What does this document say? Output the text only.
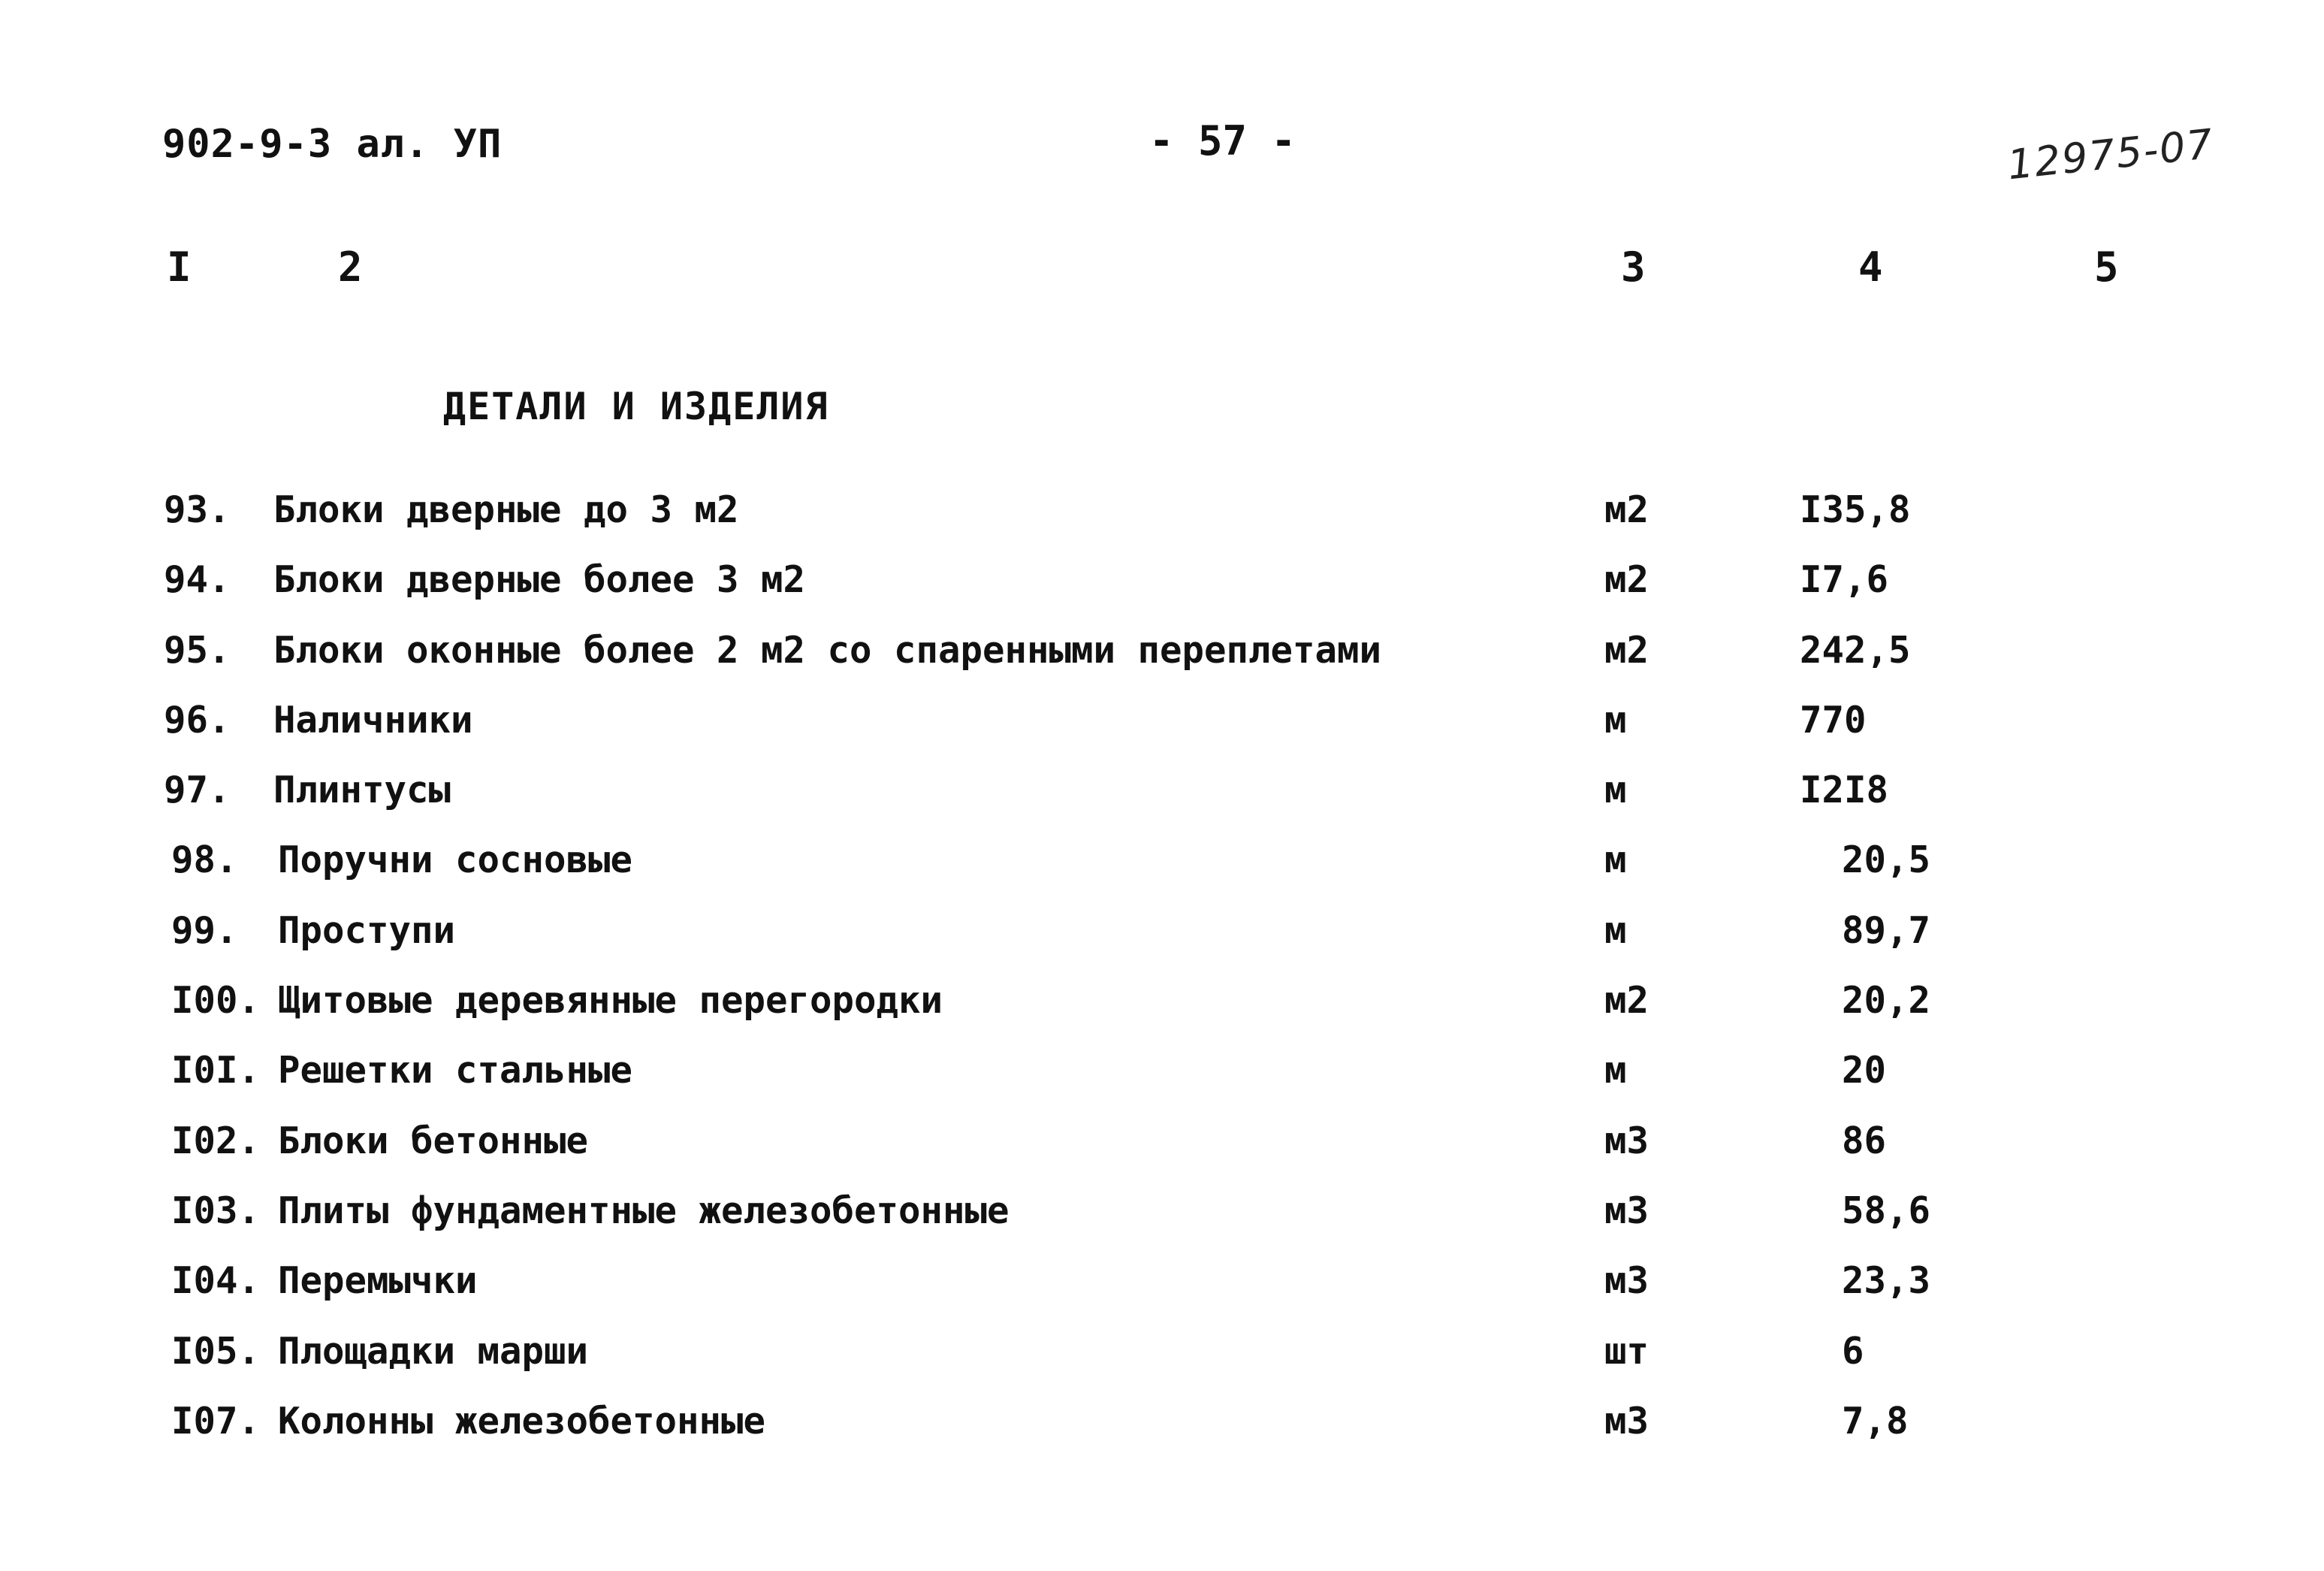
902-9-3 ал. УП	- 57 -	12975-07
I	2	3	4	5
ДЕТАЛИ И ИЗДЕЛИЯ
93. Блоки дверные до 3 м2	м2	I35,8
94. Блоки дверные более 3 м2	м2	I7,6
95. Блоки оконные более 2 м2 со спаренными переплетами	м2	242,5
96. Наличники	м	770
97. Плинтусы	м	I2I8
98. Поручни сосновые	м	20,5
99. Проступи	м	89,7
I00. Щитовые деревянные перегородки	м2	20,2
I0I. Решетки стальные	м	20
I02. Блоки бетонные	м3	86
I03. Плиты фундаментные железобетонные	м3	58,6
I04. Перемычки	м3	23,3
I05. Площадки марши	шт	6
I07. Колонны железобетонные	м3	7,8
